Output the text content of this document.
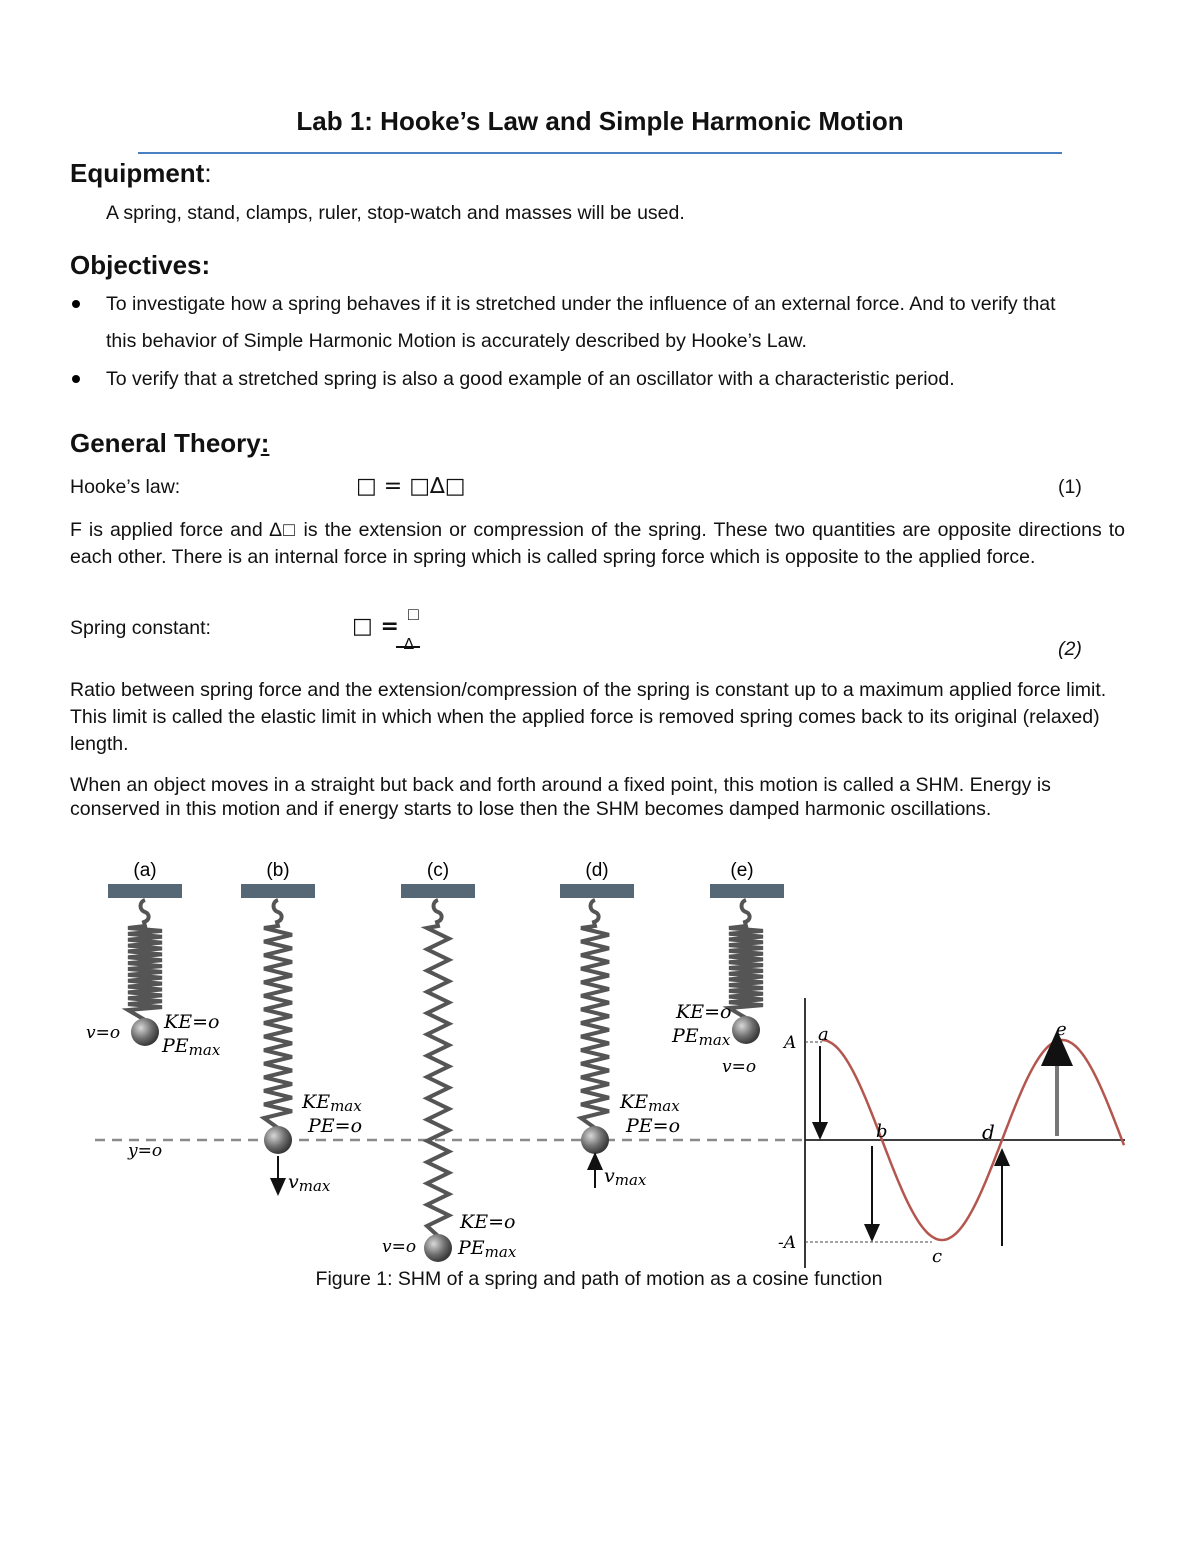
Lab 1: Hooke’s Law and Simple Harmonic Motion
Equipment:
A spring, stand, clamps, ruler, stop-watch and masses will be used.
Objectives:
To investigate how a spring behaves if it is stretched under the influence of an external force. And to verify that
this behavior of Simple Harmonic Motion is accurately described by Hooke’s Law.
To verify that a stretched spring is also a good example of an oscillator with a characteristic period.
General Theory:
Hooke’s law:	□ = □∆□	(1)
F is applied force and ∆□ is the extension or compression of the spring. These two quantities are opposite directions to each other. There is an internal force in spring which is called spring force which is opposite to the applied force.
Spring constant:	□ = □
∆	(2)
Ratio between spring force and the extension/compression of the spring is constant up to a maximum applied force limit. This limit is called the elastic limit in which when the applied force is removed spring comes back to its original (relaxed) length.
When an object moves in a straight but back and forth around a fixed point, this motion is called a SHM. Energy is conserved in this motion and if energy starts to lose then the SHM becomes damped harmonic oscillations.
(a)	(b)	(c)	(d)	(e)
v=o KE=o
PEmax
y=o
KEmax
PE=o
vmax
KE=o
v=o PEmax
KEmax
PE=o
vmax
KE=o
PEmax
v=o
A
-A
a
b
c
d
e
Figure 1: SHM of a spring and path of motion as a cosine function
